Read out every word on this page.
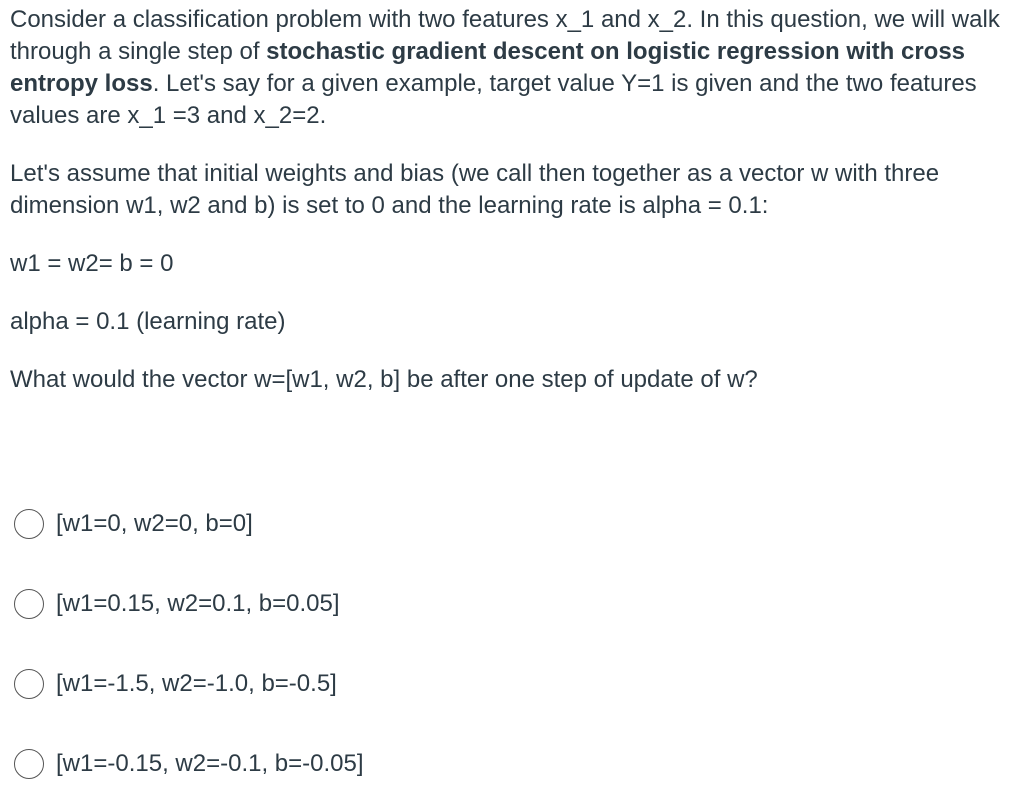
Consider a classification problem with two features x_1 and x_2. In this question, we will walk through a single step of stochastic gradient descent on logistic regression with cross entropy loss. Let's say for a given example, target value Y=1 is given and the two features values are x_1 =3 and x_2=2.

Let's assume that initial weights and bias (we call then together as a vector w with three dimension w1, w2 and b) is set to 0 and the learning rate is alpha = 0.1:

w1 = w2= b = 0

alpha = 0.1 (learning rate)

What would the vector w=[w1, w2, b] be after one step of update of w?

[w1=0, w2=0, b=0]
[w1=0.15, w2=0.1, b=0.05]
[w1=-1.5, w2=-1.0, b=-0.5]
[w1=-0.15, w2=-0.1, b=-0.05]
